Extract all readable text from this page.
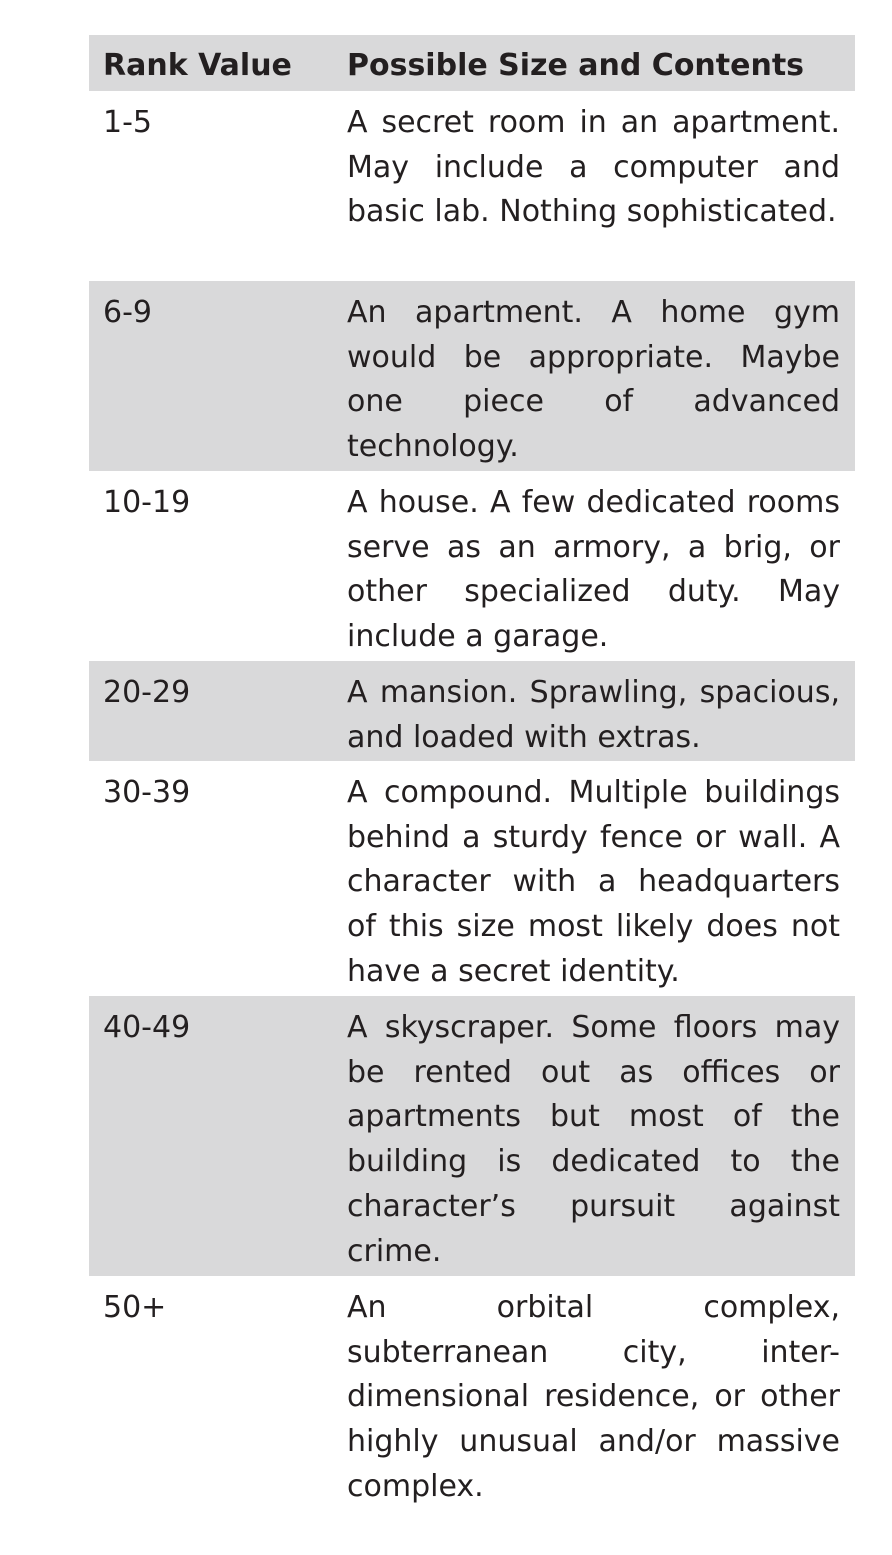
Rank Value	Possible Size and Contents
1-5	A secret room in an apartment. May include a computer and basic lab. Nothing sophisticated.
6-9	An apartment. A home gym would be appropriate. Maybe one piece of advanced technology.
10-19	A house. A few dedicated rooms serve as an armory, a brig, or other specialized duty. May include a garage.
20-29	A mansion. Sprawling, spacious, and loaded with extras.
30-39	A compound. Multiple buildings behind a sturdy fence or wall. A character with a headquarters of this size most likely does not have a secret identity.
40-49	A skyscraper. Some floors may be rented out as offices or apartments but most of the building is dedicated to the character’s pursuit against crime.
50+	An orbital complex, subterranean city, inter-dimensional residence, or other highly unusual and/or massive complex.
